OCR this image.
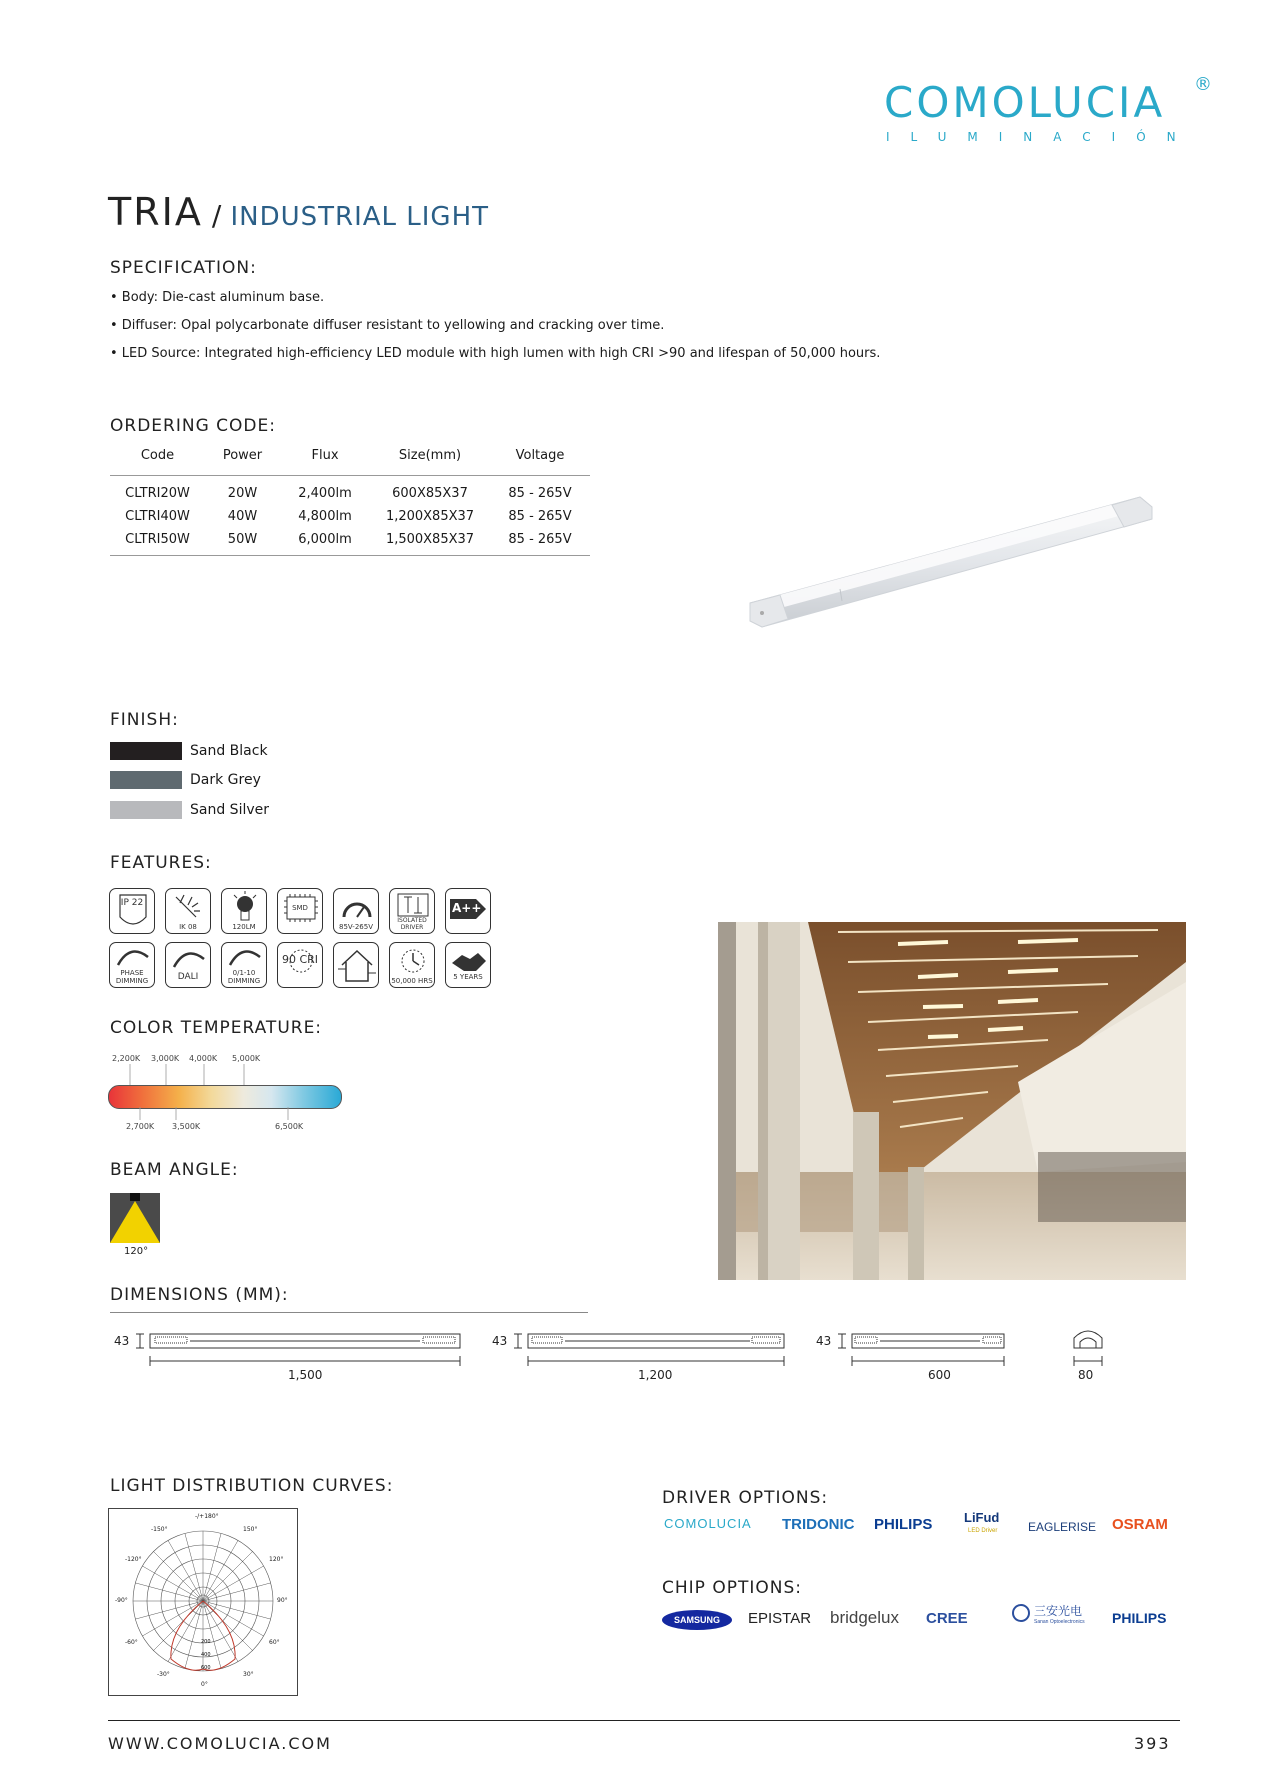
COMOLUCIA ®
ILUMINACIÓN
TRIA / INDUSTRIAL LIGHT
SPECIFICATION:
• Body: Die-cast aluminum base.
• Diffuser: Opal polycarbonate diffuser resistant to yellowing and cracking over time.
• LED Source: Integrated high-efficiency LED module with high lumen with high CRI >90 and lifespan of 50,000 hours.
ORDERING CODE:
Code	Power	Flux	Size(mm)	Voltage
CLTRI20W	20W	2,400lm	600X85X37	85 - 265V
CLTRI40W	40W	4,800lm	1,200X85X37	85 - 265V
CLTRI50W	50W	6,000lm	1,500X85X37	85 - 265V
FINISH:
Sand Black
Dark Grey
Sand Silver
FEATURES:
IP 22
IK 08	120LM
SMD
85V-265V
ISOLATED DRIVER
A++
PHASE DIMMING	DALI	0/1-10 DIMMING
90 CRI
50,000 HRS	5 YEARS
COLOR TEMPERATURE:
2,200K 3,000K 4,000K 5,000K
2,700K 3,500K	6,500K
BEAM ANGLE:
120°
DIMENSIONS (MM):
43	43	43
1,500	1,200	600	80
LIGHT DISTRIBUTION CURVES:
200
400
600
-/+180°
-150°	150°
-120°	120°
-90°	90°
-60°	60°
-30°	30°
0°
DRIVER OPTIONS:
COMOLUCIA TRIDONIC PHILIPS LiFud
LED Driver	EAGLERISE OSRAM
CHIP OPTIONS:
SAMSUNG	EPISTAR bridgelux CREE	三安光电
Sanan Optoelectronics PHILIPS
WWW.COMOLUCIA.COM	393
